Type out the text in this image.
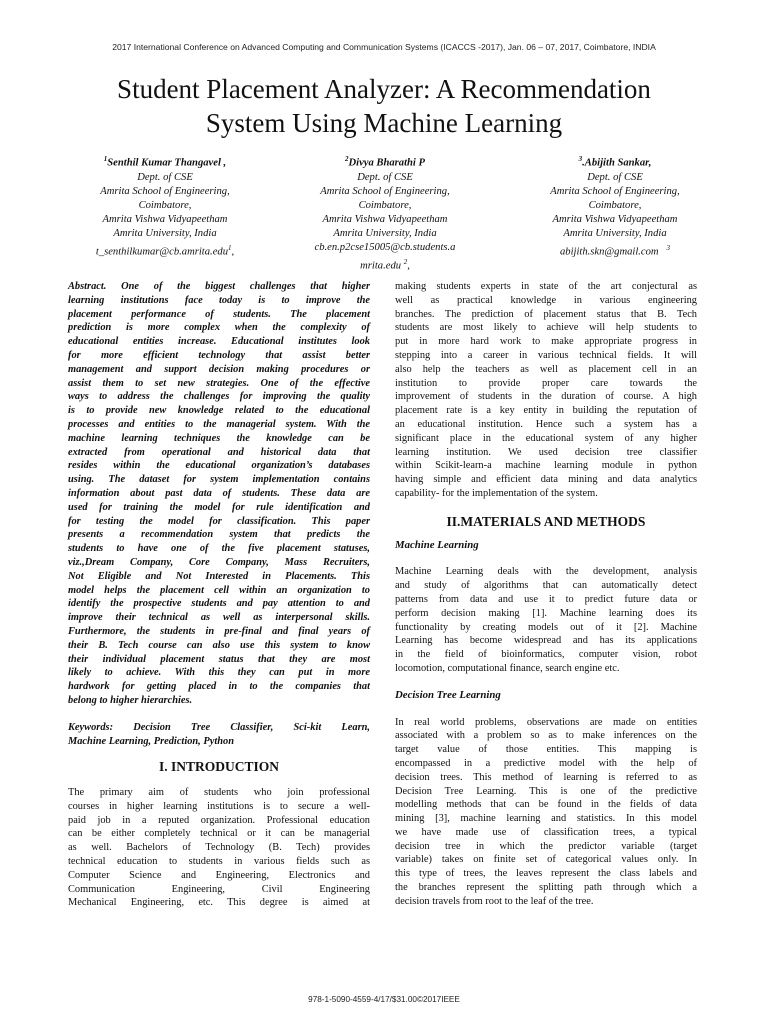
2017 International Conference on Advanced Computing and Communication Systems (ICACCS -2017), Jan. 06 – 07, 2017, Coimbatore, INDIA
Student Placement Analyzer: A Recommendation
System Using Machine Learning
$^1$Senthil Kumar Thangavel ,
Dept. of CSE
Amrita School of Engineering,
Coimbatore,
Amrita Vishwa Vidyapeetham
Amrita University, India
t_senthilkumar@cb.amrita.edu$^1$,
$^2$Divya Bharathi P
Dept. of CSE
Amrita School of Engineering,
Coimbatore,
Amrita Vishwa Vidyapeetham
Amrita University, India
cb.en.p2cse15005@cb.students.a
mrita.edu $^2$,
$^3$.Abijith Sankar,
Dept. of CSE
Amrita School of Engineering,
Coimbatore,
Amrita Vishwa Vidyapeetham
Amrita University, India
abijith.skn@gmail.com $^3$
Abstract. One of the biggest challenges that higher
learning institutions face today is to improve the
placement performance of students. The placement
prediction is more complex when the complexity of
educational entities increase. Educational institutes look
for more efficient technology that assist better
management and support decision making procedures or
assist them to set new strategies. One of the effective
ways to address the challenges for improving the quality
is to provide new knowledge related to the educational
processes and entities to the managerial system. With the
machine learning techniques the knowledge can be
extracted from operational and historical data that
resides within the educational organization’s databases
using. The dataset for system implementation contains
information about past data of students. These data are
used for training the model for rule identification and
for testing the model for classification. This paper
presents a recommendation system that predicts the
students to have one of the five placement statuses,
viz.,Dream Company, Core Company, Mass Recruiters,
Not Eligible and Not Interested in Placements. This
model helps the placement cell within an organization to
identify the prospective students and pay attention to and
improve their technical as well as interpersonal skills.
Furthermore, the students in pre-final and final years of
their B. Tech course can also use this system to know
their individual placement status that they are most
likely to achieve. With this they can put in more
hardwork for getting placed in to the companies that
belong to higher hierarchies.
Keywords: Decision Tree Classifier, Sci-kit Learn,
Machine Learning, Prediction, Python
I. INTRODUCTION
The primary aim of students who join professional
courses in higher learning institutions is to secure a well-
paid job in a reputed organization. Professional education
can be either completely technical or it can be managerial
as well. Bachelors of Technology (B. Tech) provides
technical education to students in various fields such as
Computer Science and Engineering, Electronics and
Communication Engineering, Civil Engineering
Mechanical Engineering, etc. This degree is aimed at
making students experts in state of the art conjectural as
well as practical knowledge in various engineering
branches. The prediction of placement status that B. Tech
students are most likely to achieve will help students to
put in more hard work to make appropriate progress in
stepping into a career in various technical fields. It will
also help the teachers as well as placement cell in an
institution to provide proper care towards the
improvement of students in the duration of course. A high
placement rate is a key entity in building the reputation of
an educational institution. Hence such a system has a
significant place in the educational system of any higher
learning institution. We used decision tree classifier
within Scikit-learn-a machine learning module in python
having simple and efficient data mining and data analytics
capability- for the implementation of the system.
II.MATERIALS AND METHODS
Machine Learning
Machine Learning deals with the development, analysis
and study of algorithms that can automatically detect
patterns from data and use it to predict future data or
perform decision making [1]. Machine learning does its
functionality by creating models out of it [2]. Machine
Learning has become widespread and has its applications
in the field of bioinformatics, computer vision, robot
locomotion, computational finance, search engine etc.
Decision Tree Learning
In real world problems, observations are made on entities
associated with a problem so as to make inferences on the
target value of those entities. This mapping is
encompassed in a predictive model with the help of
decision trees. This method of learning is referred to as
Decision Tree Learning. This is one of the predictive
modelling methods that can be found in the fields of data
mining [3], machine learning and statistics. In this model
we have made use of classification trees, a typical
decision tree in which the predictor variable (target
variable) takes on finite set of categorical values only. In
this type of trees, the leaves represent the class labels and
the branches represent the splitting path through which a
decision travels from root to the leaf of the tree.
978-1-5090-4559-4/17/$31.00©2017IEEE
